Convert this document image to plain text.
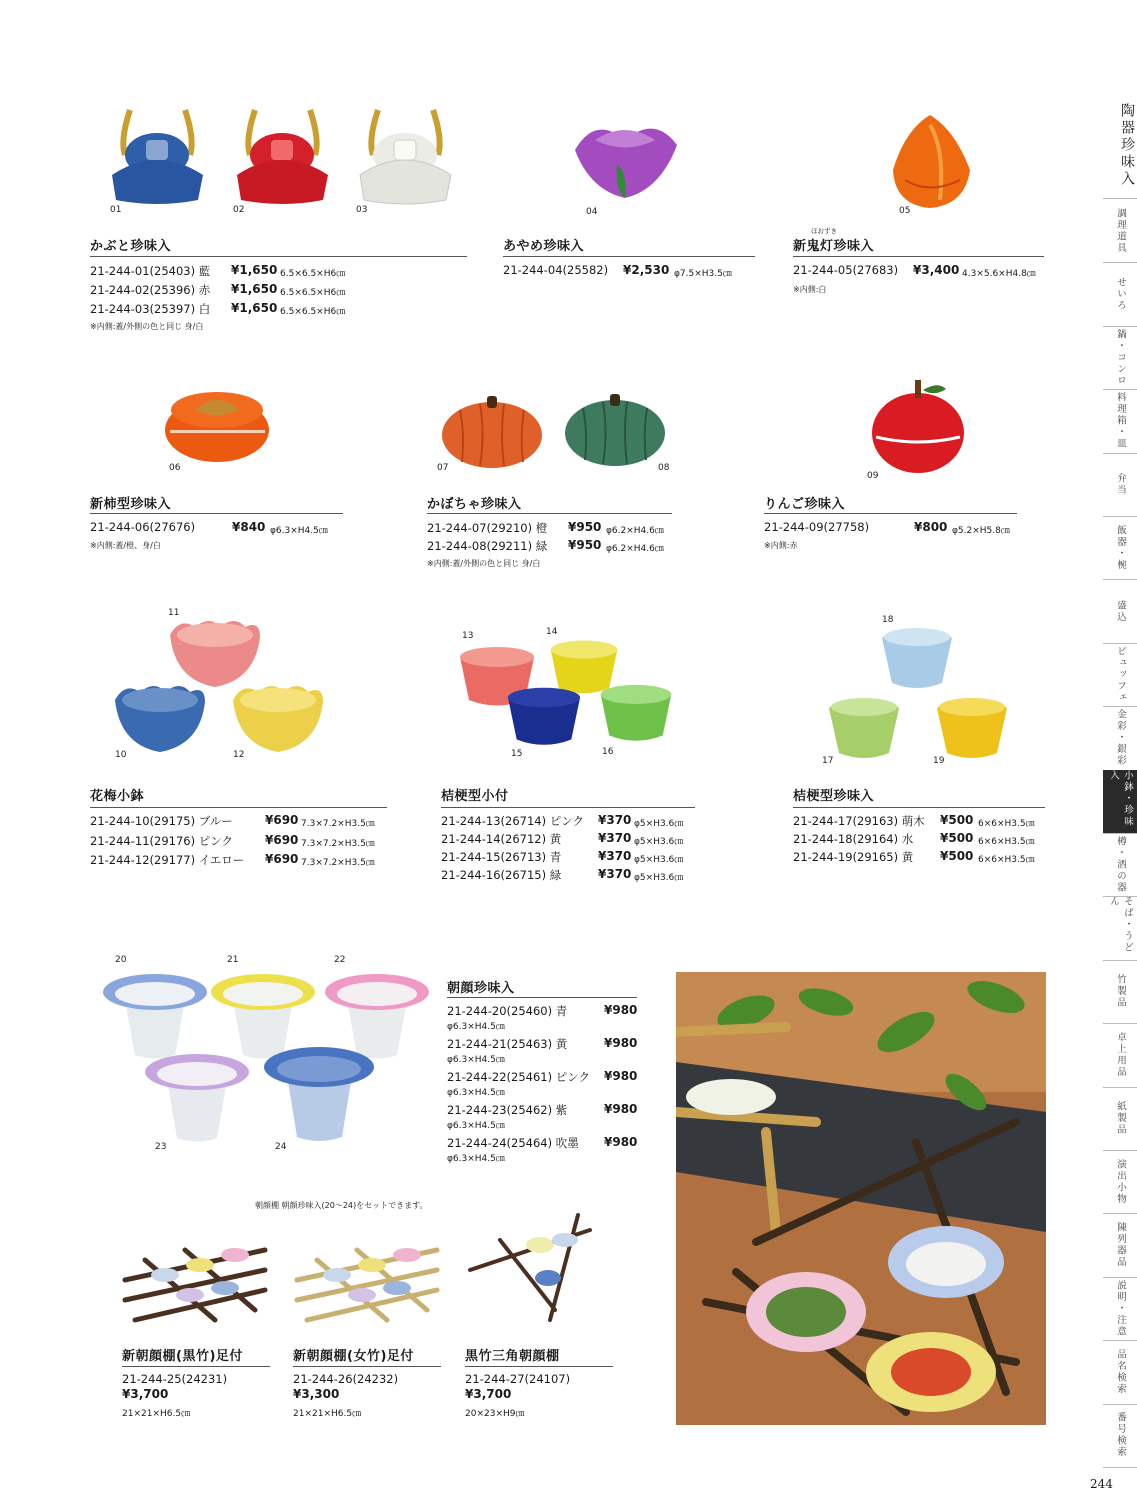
陶器珍味入
調理道具
せいろ
鍋・コンロ
料理箱・皿
弁当
飯器・椀
盛込
ビュッフェ
金彩・銀彩
小鉢・珍味入
樽・酒の器
そば・うどん
竹製品
卓上用品
紙製品
演出小物
陳列器品
説明・注意
品名検索
番号検索
244
01	02	03
かぶと珍味入
21-244-01(25403) 藍 ¥1,650 6.5×6.5×H6㎝
21-244-02(25396) 赤 ¥1,650 6.5×6.5×H6㎝
21-244-03(25397) 白 ¥1,650 6.5×6.5×H6㎝
※内側:蓋/外側の色と同じ 身/白
04
あやめ珍味入
21-244-04(25582) ¥2,530 φ7.5×H3.5㎝
05
ほおずき
新鬼灯珍味入
21-244-05(27683) ¥3,400 4.3×5.6×H4.8㎝
※内側:白
06
新柿型珍味入
21-244-06(27676)	¥840 φ6.3×H4.5㎝
※内側:蓋/橙、身/白
07	08
かぼちゃ珍味入
21-244-07(29210) 橙 ¥950 φ6.2×H4.6㎝
21-244-08(29211) 緑 ¥950 φ6.2×H4.6㎝
※内側:蓋/外側の色と同じ 身/白
09
りんご珍味入
21-244-09(27758)	¥800 φ5.2×H5.8㎝
※内側:赤
11
10	12
花梅小鉢
21-244-10(29175) ブルー	¥690 7.3×7.2×H3.5㎝
21-244-11(29176) ピンク	¥690 7.3×7.2×H3.5㎝
21-244-12(29177) イエロー ¥690 7.3×7.2×H3.5㎝
13	14
15	16
桔梗型小付
21-244-13(26714) ピンク ¥370 φ5×H3.6㎝
21-244-14(26712) 黄	¥370 φ5×H3.6㎝
21-244-15(26713) 青	¥370 φ5×H3.6㎝
21-244-16(26715) 緑	¥370 φ5×H3.6㎝
18
17	19
桔梗型珍味入
21-244-17(29163) 萌木 ¥500 6×6×H3.5㎝
21-244-18(29164) 水 ¥500 6×6×H3.5㎝
21-244-19(29165) 黄 ¥500 6×6×H3.5㎝
20	21	22
23	24
朝顔珍味入
21-244-20(25460) 青	¥980
φ6.3×H4.5㎝
21-244-21(25463) 黄	¥980
φ6.3×H4.5㎝
21-244-22(25461) ピンク ¥980
φ6.3×H4.5㎝
21-244-23(25462) 紫	¥980
φ6.3×H4.5㎝
21-244-24(25464) 吹墨 ¥980
φ6.3×H4.5㎝
朝顔棚 朝顔珍味入(20〜24)をセットできます。
新朝顔棚(黒竹)足付
21-244-25(24231)
¥3,700
21×21×H6.5㎝
新朝顔棚(女竹)足付
21-244-26(24232)
¥3,300
21×21×H6.5㎝
黒竹三角朝顔棚
21-244-27(24107)
¥3,700
20×23×H9㎝
